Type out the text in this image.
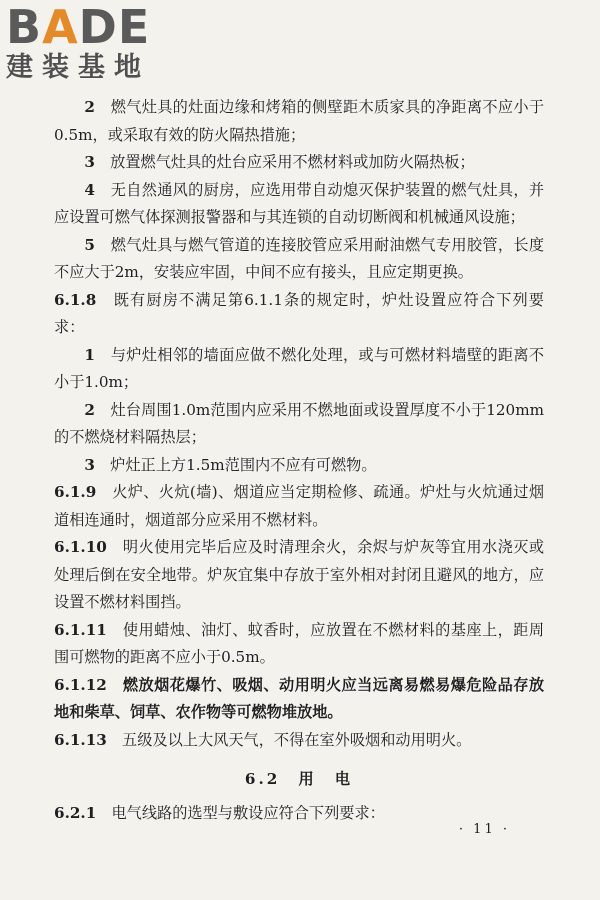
BADE
建装基地

2　 燃气灶具的灶面边缘和烤箱的侧壁距木质家具的净距离不应小于0.5m，或采取有效的防火隔热措施；

3　 放置燃气灶具的灶台应采用不燃材料或加防火隔热板；

4　 无自然通风的厨房，应选用带自动熄灭保护装置的燃气灶具，并应设置可燃气体探测报警器和与其连锁的自动切断阀和机械通风设施；

5　 燃气灶具与燃气管道的连接胶管应采用耐油燃气专用胶管，长度不应大于2m，安装应牢固，中间不应有接头，且应定期更换。

6.1.8　 既有厨房不满足第6.1.1条的规定时，炉灶设置应符合下列要求：

1　 与炉灶相邻的墙面应做不燃化处理，或与可燃材料墙壁的距离不小于1.0m；

2　 灶台周围1.0m范围内应采用不燃地面或设置厚度不小于120mm的不燃烧材料隔热层；

3　 炉灶正上方1.5m范围内不应有可燃物。

6.1.9　 火炉、火炕(墙)、烟道应当定期检修、疏通。炉灶与火炕通过烟道相连通时，烟道部分应采用不燃材料。

6.1.10　 明火使用完毕后应及时清理余火，余烬与炉灰等宜用水浇灭或处理后倒在安全地带。炉灰宜集中存放于室外相对封闭且避风的地方，应设置不燃材料围挡。

6.1.11　 使用蜡烛、油灯、蚊香时，应放置在不燃材料的基座上，距周围可燃物的距离不应小于0.5m。

6.1.12　 燃放烟花爆竹、吸烟、动用明火应当远离易燃易爆危险品存放地和柴草、饲草、农作物等可燃物堆放地。

6.1.13　 五级及以上大风天气，不得在室外吸烟和动用明火。

6.2　 用　电

6.2.1　 电气线路的选型与敷设应符合下列要求：

· 11 ·
